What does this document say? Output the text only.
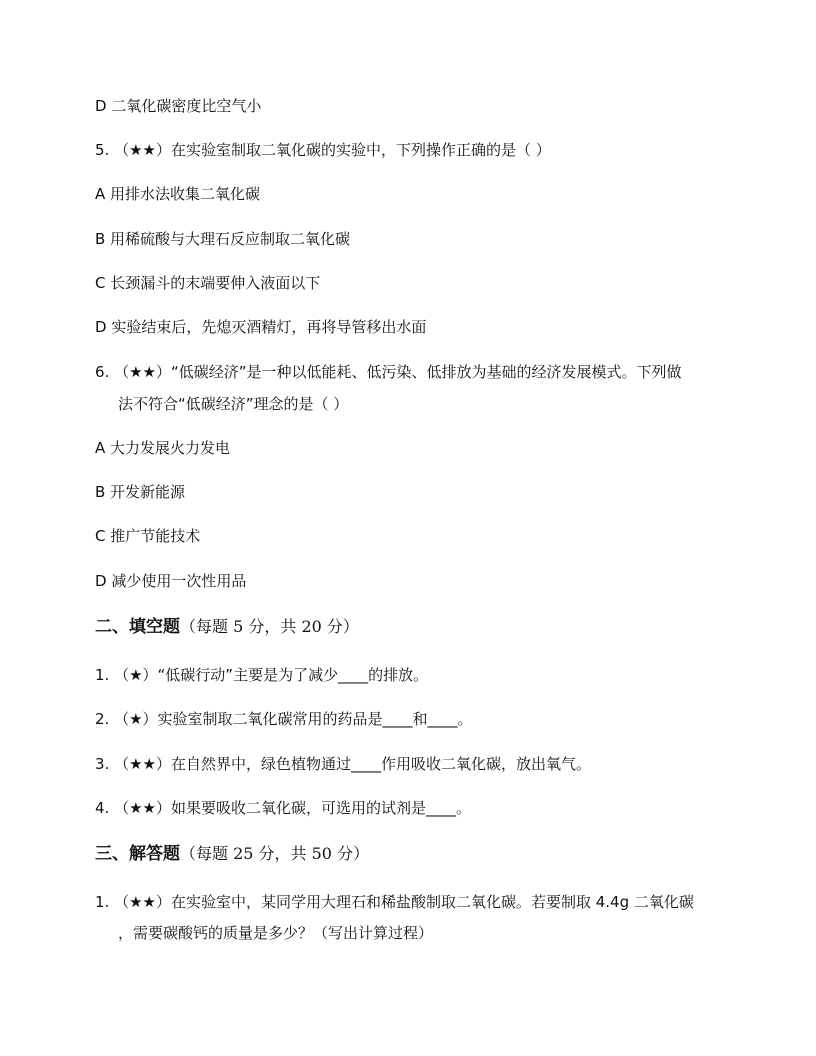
D 二氧化碳密度比空气小
5. （★★）在实验室制取二氧化碳的实验中，下列操作正确的是（ ）
A 用排水法收集二氧化碳
B 用稀硫酸与大理石反应制取二氧化碳
C 长颈漏斗的末端要伸入液面以下
D 实验结束后，先熄灭酒精灯，再将导管移出水面
6. （★★）“低碳经济”是一种以低能耗、低污染、低排放为基础的经济发展模式。下列做
法不符合“低碳经济”理念的是（ ）
A 大力发展火力发电
B 开发新能源
C 推广节能技术
D 减少使用一次性用品
二、填空题（每题 5 分，共 20 分）
1. （★）“低碳行动”主要是为了减少____的排放。
2. （★）实验室制取二氧化碳常用的药品是____和____。
3. （★★）在自然界中，绿色植物通过____作用吸收二氧化碳，放出氧气。
4. （★★）如果要吸收二氧化碳，可选用的试剂是____。
三、解答题（每题 25 分，共 50 分）
1. （★★）在实验室中，某同学用大理石和稀盐酸制取二氧化碳。若要制取 4.4g 二氧化碳
，需要碳酸钙的质量是多少？（写出计算过程）
